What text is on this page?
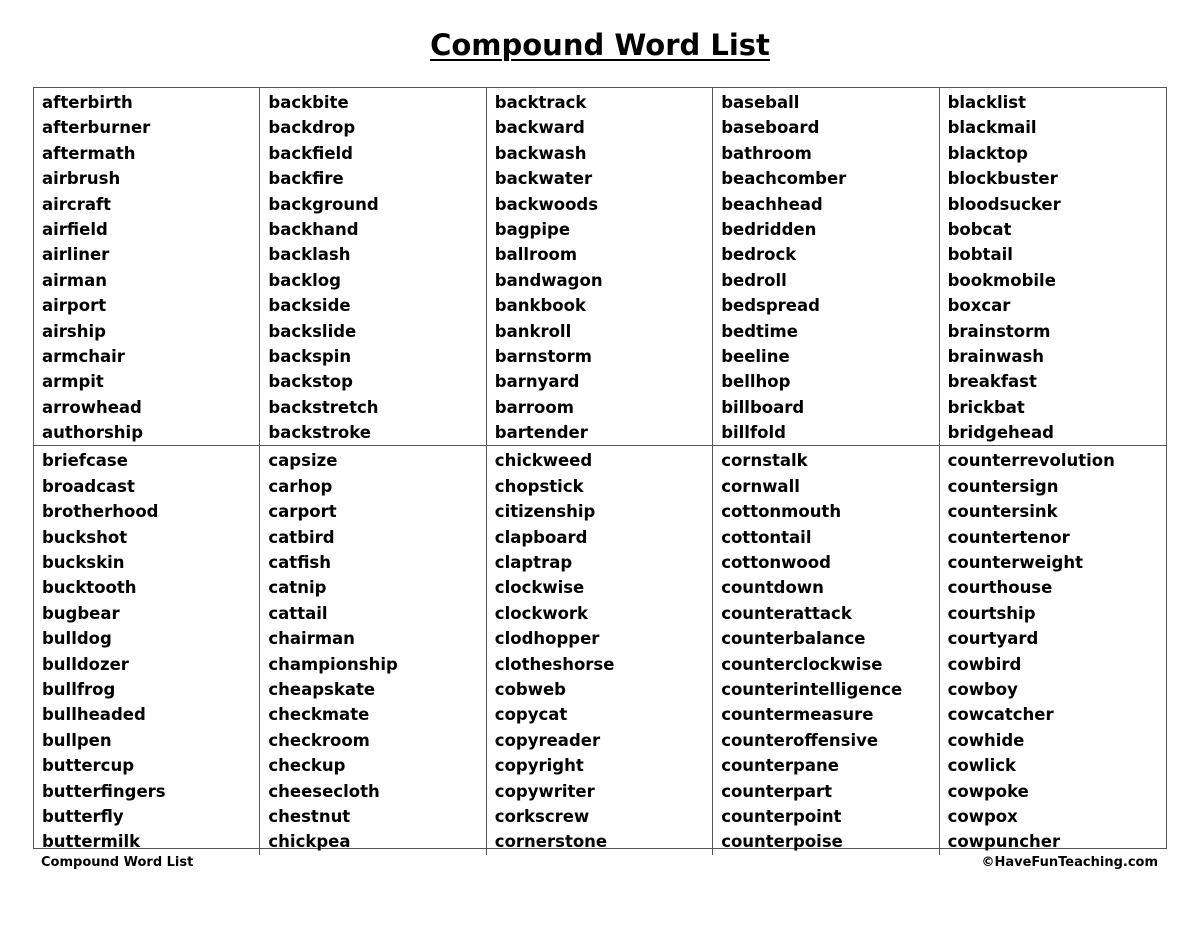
Compound Word List
afterbirth
afterburner
aftermath
airbrush
aircraft
airfield
airliner
airman
airport
airship
armchair
armpit
arrowhead
authorship
backbite
backdrop
backfield
backfire
background
backhand
backlash
backlog
backside
backslide
backspin
backstop
backstretch
backstroke
backtrack
backward
backwash
backwater
backwoods
bagpipe
ballroom
bandwagon
bankbook
bankroll
barnstorm
barnyard
barroom
bartender
baseball
baseboard
bathroom
beachcomber
beachhead
bedridden
bedrock
bedroll
bedspread
bedtime
beeline
bellhop
billboard
billfold
blacklist
blackmail
blacktop
blockbuster
bloodsucker
bobcat
bobtail
bookmobile
boxcar
brainstorm
brainwash
breakfast
brickbat
bridgehead
briefcase
broadcast
brotherhood
buckshot
buckskin
bucktooth
bugbear
bulldog
bulldozer
bullfrog
bullheaded
bullpen
buttercup
butterfingers
butterfly
buttermilk
capsize
carhop
carport
catbird
catfish
catnip
cattail
chairman
championship
cheapskate
checkmate
checkroom
checkup
cheesecloth
chestnut
chickpea
chickweed
chopstick
citizenship
clapboard
claptrap
clockwise
clockwork
clodhopper
clotheshorse
cobweb
copycat
copyreader
copyright
copywriter
corkscrew
cornerstone
cornstalk
cornwall
cottonmouth
cottontail
cottonwood
countdown
counterattack
counterbalance
counterclockwise
counterintelligence
countermeasure
counteroffensive
counterpane
counterpart
counterpoint
counterpoise
counterrevolution
countersign
countersink
countertenor
counterweight
courthouse
courtship
courtyard
cowbird
cowboy
cowcatcher
cowhide
cowlick
cowpoke
cowpox
cowpuncher
Compound Word List	©HaveFunTeaching.com
